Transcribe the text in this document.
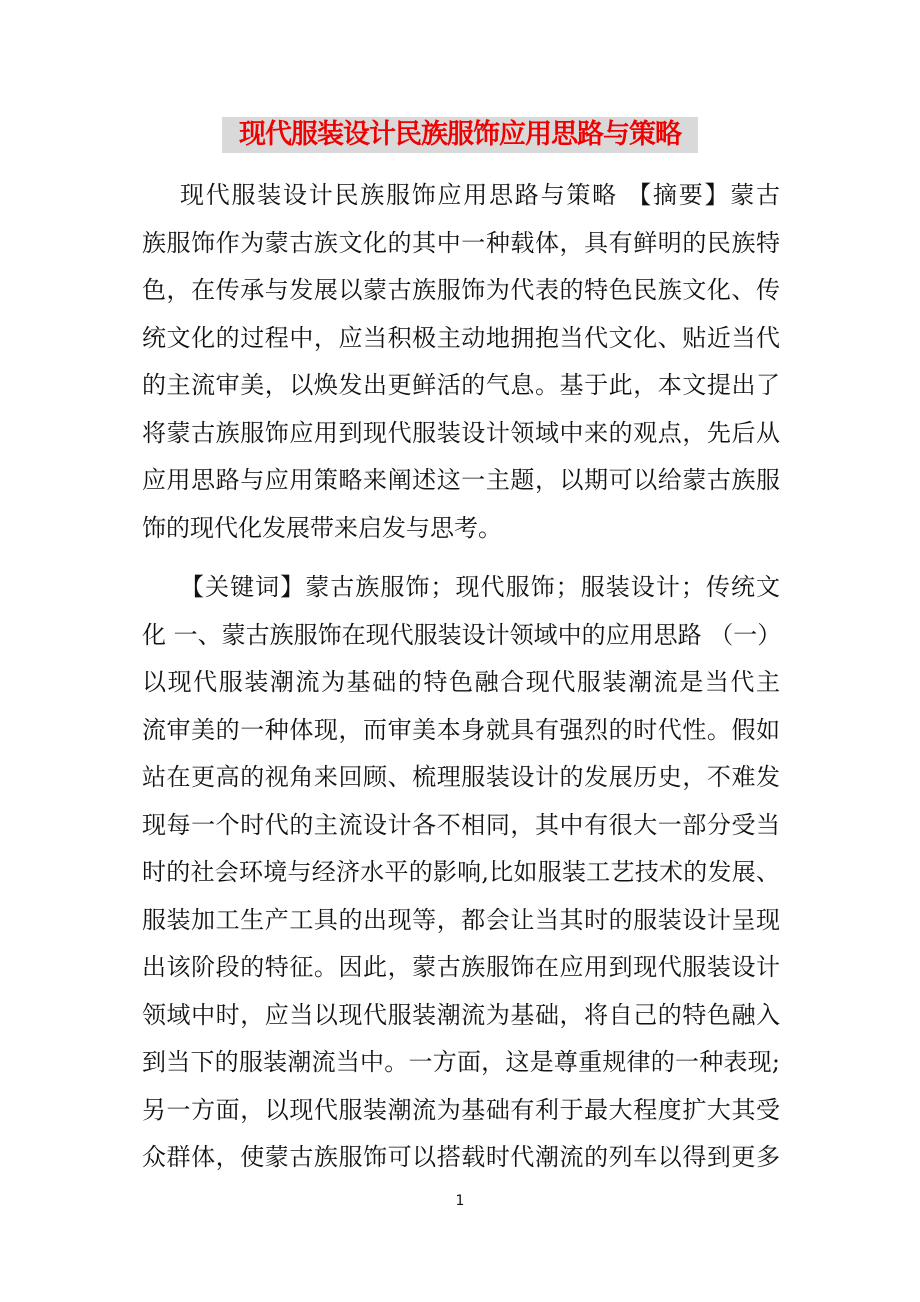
现代服装设计民族服饰应用思路与策略
现代服装设计民族服饰应用思路与策略 【摘要】蒙古
族服饰作为蒙古族文化的其中一种载体，具有鲜明的民族特
色，在传承与发展以蒙古族服饰为代表的特色民族文化、传
统文化的过程中，应当积极主动地拥抱当代文化、贴近当代
的主流审美，以焕发出更鲜活的气息。基于此，本文提出了
将蒙古族服饰应用到现代服装设计领域中来的观点，先后从
应用思路与应用策略来阐述这一主题，以期可以给蒙古族服
饰的现代化发展带来启发与思考。
【关键词】蒙古族服饰；现代服饰；服装设计；传统文
化 一、蒙古族服饰在现代服装设计领域中的应用思路 （一）
以现代服装潮流为基础的特色融合现代服装潮流是当代主
流审美的一种体现，而审美本身就具有强烈的时代性。假如
站在更高的视角来回顾、梳理服装设计的发展历史，不难发
现每一个时代的主流设计各不相同，其中有很大一部分受当
时的社会环境与经济水平的影响,比如服装工艺技术的发展、
服装加工生产工具的出现等，都会让当其时的服装设计呈现
出该阶段的特征。因此，蒙古族服饰在应用到现代服装设计
领域中时，应当以现代服装潮流为基础，将自己的特色融入
到当下的服装潮流当中。一方面，这是尊重规律的一种表现;
另一方面，以现代服装潮流为基础有利于最大程度扩大其受
众群体，使蒙古族服饰可以搭载时代潮流的列车以得到更多
1
